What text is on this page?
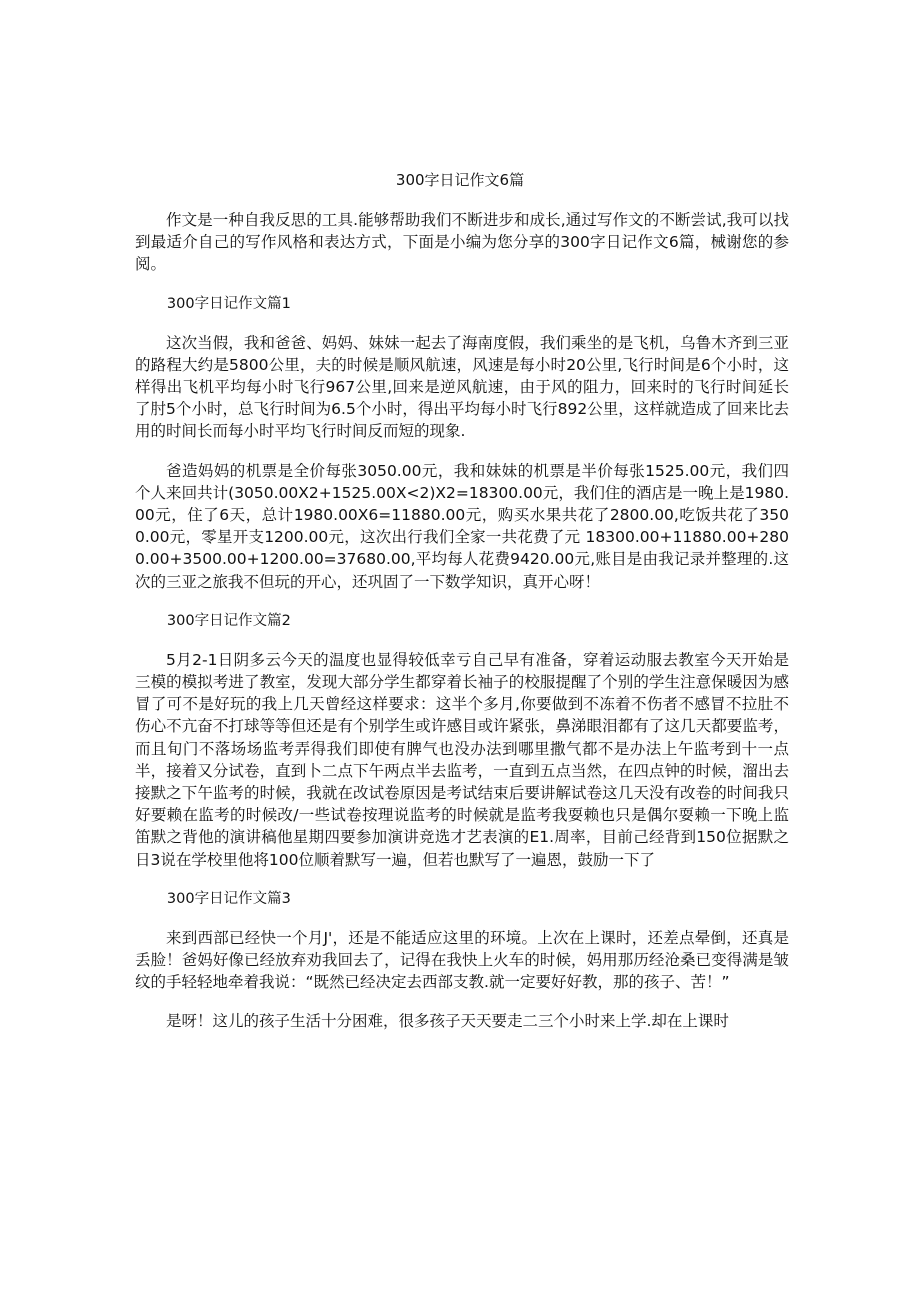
300字日记作文6篇

作文是一种自我反思的工具.能够帮助我们不断进步和成长,通过写作文的不断尝试,我可以找到最适介自己的写作风格和表达方式，下面是小编为您分享的300字日记作文6篇，械谢您的参阅。

300字日记作文篇1

这次当假，我和爸爸、妈妈、妹妹一起去了海南度假，我们乘坐的是飞机，乌鲁木齐到三亚的路程大约是5800公里，夫的时候是顺风航速，风速是每小时20公里,飞行时间是6个小时，这样得出飞机平均每小时飞行967公里,回来是逆风航速，由于风的阻力，回来时的飞行时间延长了肘5个小时，总飞行时间为6.5个小时，得出平均每小时飞行892公里，这样就造成了回来比去用的时间长而每小时平均飞行时间反而短的现象.

爸造妈妈的机票是全价每张3050.00元，我和妹妹的机票是半价每张1525.00元，我们四个人来回共计(3050.00X2+1525.00X<2)X2=18300.00元，我们住的酒店是一晚上是1980.00元，住了6天，总计1980.00X6=11880.00元，购买水果共花了2800.00,吃饭共花了3500.00元，零星开支1200.00元，这次出行我们全家一共花费了元 18300.00+11880.00+2800.00+3500.00+1200.00=37680.00,平均每人花费9420.00元,账目是由我记录并整理的.这次的三亚之旅我不但玩的开心，还巩固了一下数学知识，真开心呀！

300字日记作文篇2

5月2-1日阴多云今天的温度也显得较低幸亏自己早有准备，穿着运动服去教室今天开始是三模的模拟考进了教室，发现大部分学生都穿着长袖子的校服提醒了个别的学生注意保暖因为感冒了可不是好玩的我上几天曾经这样要求：这半个多月,你要做到不冻着不伤者不感冒不拉肚不伤心不亢奋不打球等等但还是有个别学生或许感目或许紧张，鼻涕眼泪都有了这几天都要监考，而且旬门不落场场监考弄得我们即使有脾气也没办法到哪里撒气都不是办法上午监考到十一点半，接着又分试卷，直到卜二点下午两点半去监考，一直到五点当然，在四点钟的时候，溜出去接默之下午监考的时候，我就在改试卷原因是考试结束后要讲解试卷这几天没有改卷的时间我只好要赖在监考的时候改/一些试卷按理说监考的时候就是监考我耍赖也只是偶尔耍赖一下晚上监笛默之背他的演讲稿他星期四要参加演讲竞选才艺表演的E1.周率，目前己经背到150位据默之日3说在学校里他将100位顺着默写一遍，但若也默写了一遍恩，鼓励一下了

300字日记作文篇3

来到西部已经快一个月J'，还是不能适应这里的环境。上次在上课时，还差点晕倒，还真是丢脸！爸妈好像已经放弃劝我回去了，记得在我快上火车的时候，妈用那历经沧桑已变得满是皱纹的手轻轻地牵着我说：“既然已经决定去西部支教.就一定要好好教，那的孩子、苦！”

是呀！这儿的孩子生活十分困难，很多孩子天天要走二三个小时来上学.却在上课时
